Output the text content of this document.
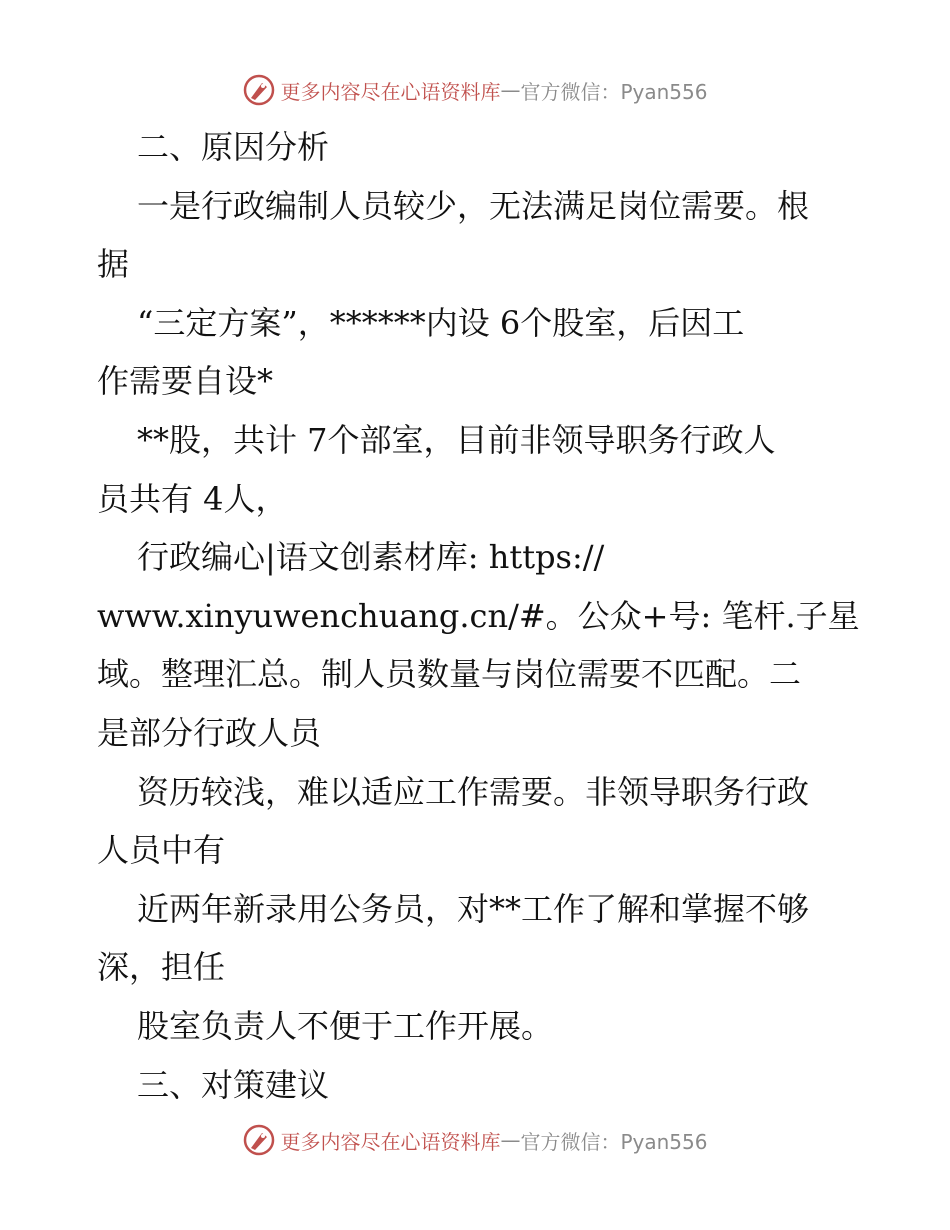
更多内容尽在心语资料库 — 官方微信：Pyan556
二、原因分析
一是行政编制人员较少，无法满足岗位需要。根
据
“三定方案”，******内设 6个股室，后因工
作需要自设*
**股，共计 7个部室，目前非领导职务行政人
员共有 4人，
行政编心|语文创素材库: https://
www.xinyuwenchuang.cn/#。公众+号: 笔杆.子星
域。整理汇总。制人员数量与岗位需要不匹配。二
是部分行政人员
资历较浅，难以适应工作需要。非领导职务行政
人员中有
近两年新录用公务员，对**工作了解和掌握不够
深，担任
股室负责人不便于工作开展。
三、对策建议
更多内容尽在心语资料库 — 官方微信：Pyan556
